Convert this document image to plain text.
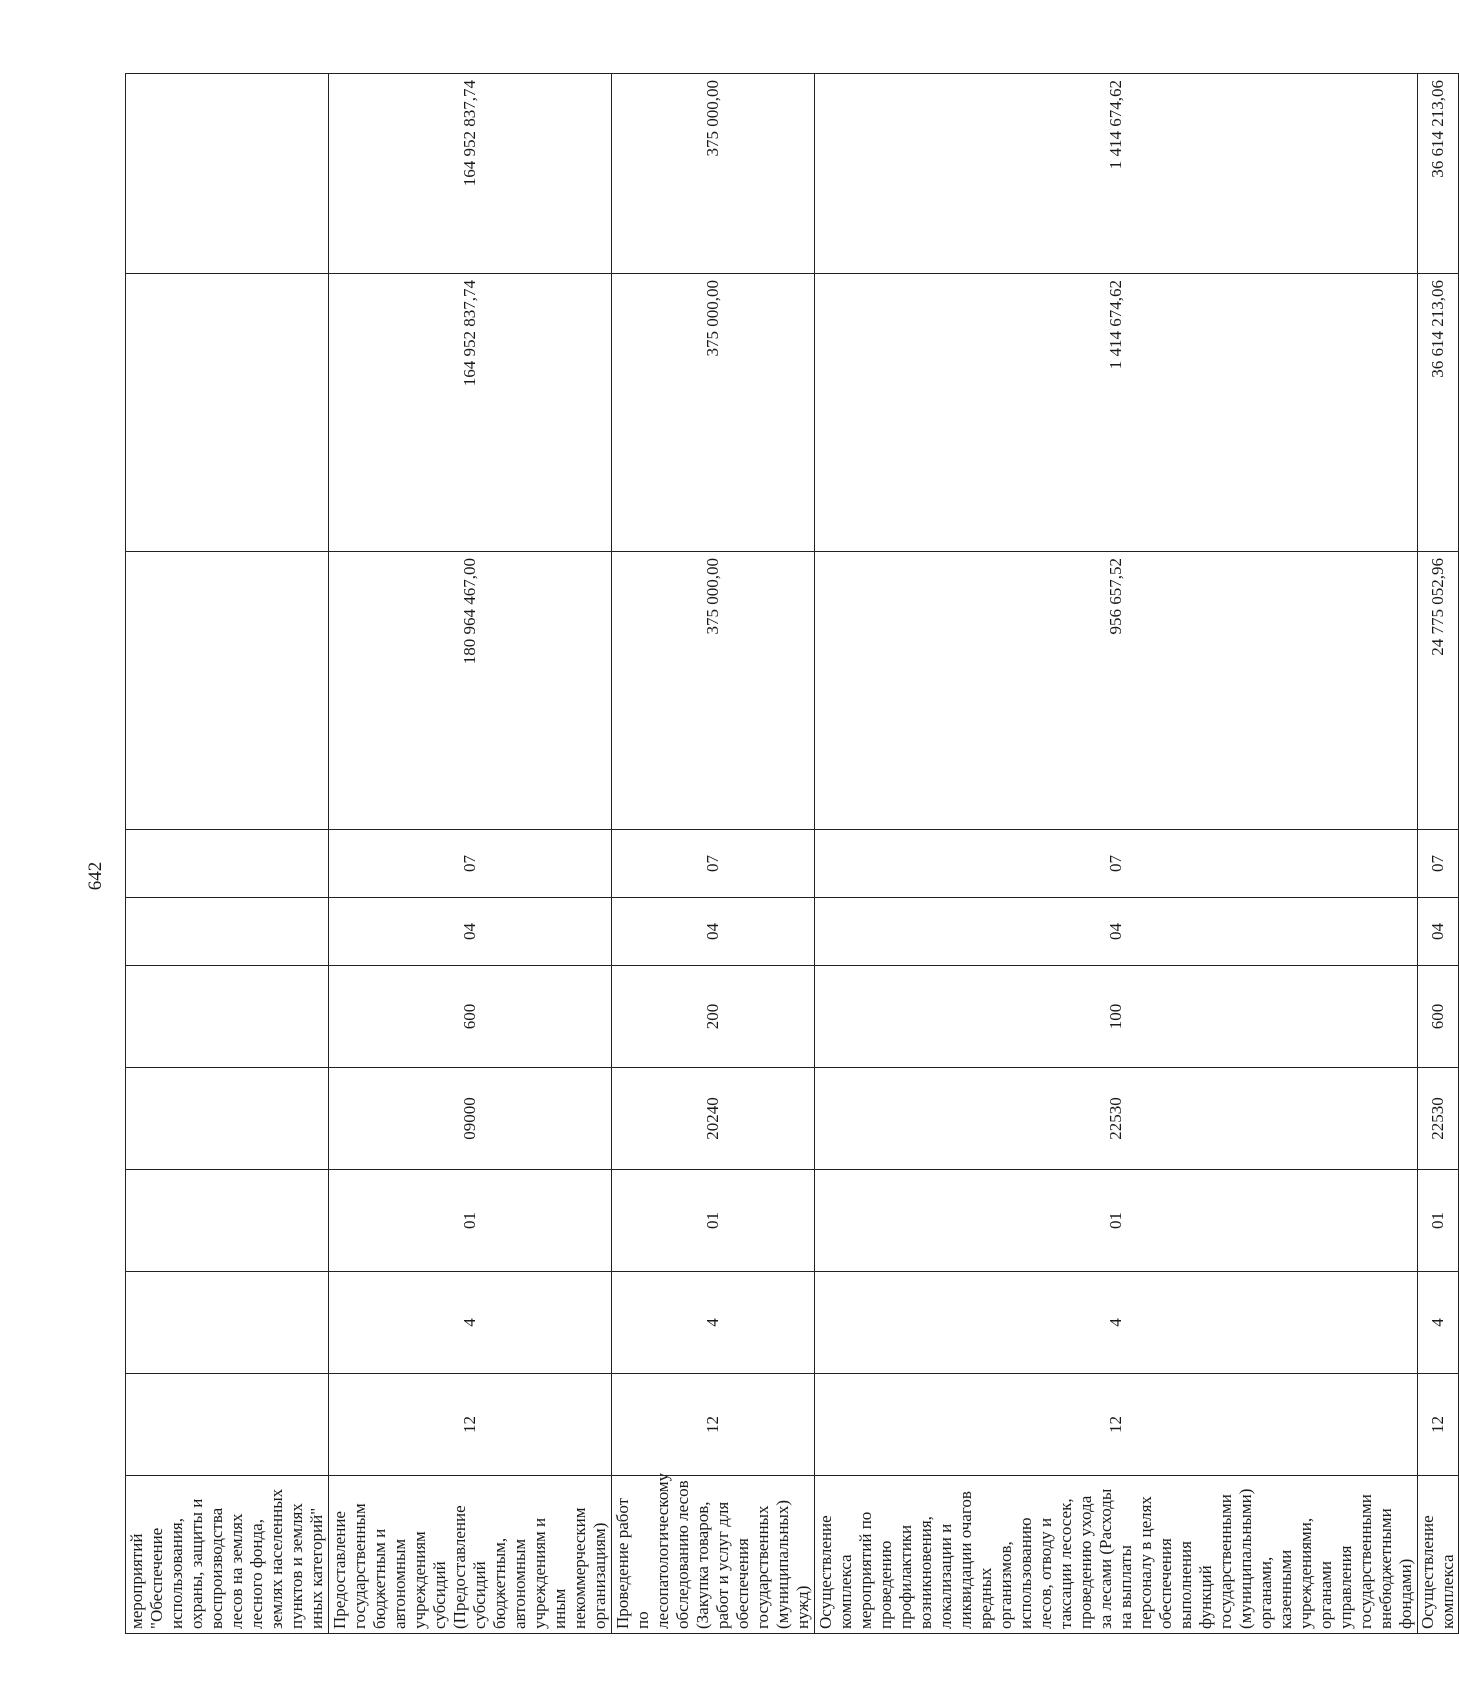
642
мероприятий "Обеспечение использования, охраны, защиты и воспроизводства лесов на землях лесного фонда, землях населенных пунктов и землях иных категорий"										
Предоставление государственным бюджетным и автономным учреждениям субсидий (Предоставление субсидий бюджетным, автономным учреждениям и иным некоммерческим организациям)	12	4	01	09000	600	04	07	180 964 467,00	164 952 837,74	164 952 837,74
Проведение работ по лесопатологическому обследованию лесов (Закупка товаров, работ и услуг для обеспечения государственных (муниципальных) нужд)	12	4	01	20240	200	04	07	375 000,00	375 000,00	375 000,00
Осуществление комплекса мероприятий по проведению профилактики возникновения, локализации и ликвидации очагов вредных организмов, использованию лесов, отводу и таксации лесосек, проведению ухода за лесами (Расходы на выплаты персоналу в целях обеспечения выполнения функций государственными (муниципальными) органами, казенными учреждениями, органами управления государственными внебюджетными фондами)	12	4	01	22530	100	04	07	956 657,52	1 414 674,62	1 414 674,62
Осуществление комплекса	12	4	01	22530	600	04	07	24 775 052,96	36 614 213,06	36 614 213,06
